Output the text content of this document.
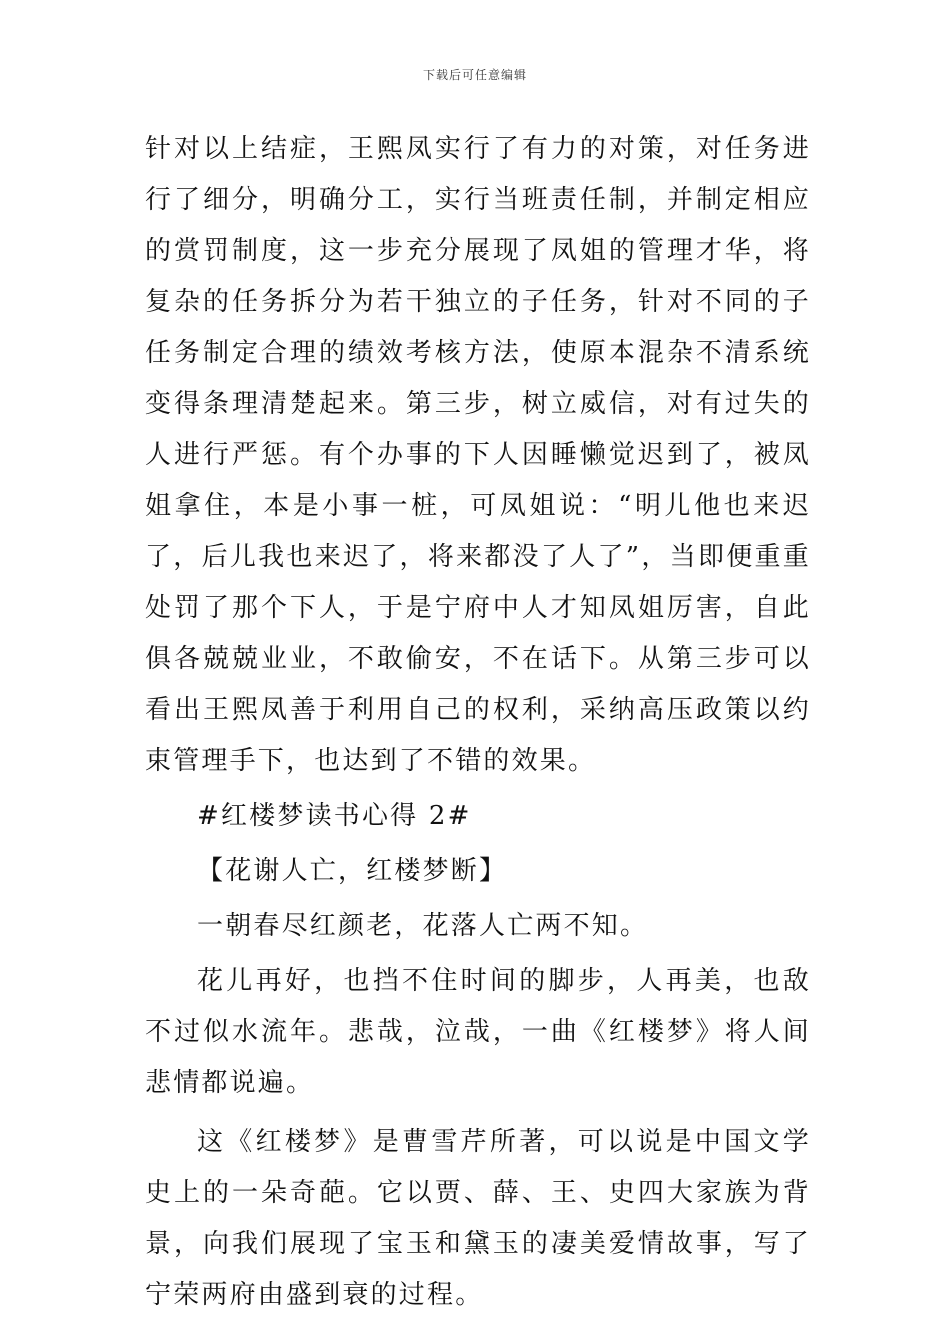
下载后可任意编辑

针对以上结症，王熙凤实行了有力的对策，对任务进行了细分，明确分工，实行当班责任制，并制定相应的赏罚制度，这一步充分展现了凤姐的管理才华，将复杂的任务拆分为若干独立的子任务，针对不同的子任务制定合理的绩效考核方法，使原本混杂不清系统变得条理清楚起来。第三步，树立威信，对有过失的人进行严惩。有个办事的下人因睡懒觉迟到了，被凤姐拿住，本是小事一桩，可凤姐说：“明儿他也来迟了，后儿我也来迟了，将来都没了人了”，当即便重重处罚了那个下人，于是宁府中人才知凤姐厉害，自此俱各兢兢业业，不敢偷安，不在话下。从第三步可以看出王熙凤善于利用自己的权利，采纳高压政策以约束管理手下，也达到了不错的效果。

#红楼梦读书心得 2#

【花谢人亡，红楼梦断】

一朝春尽红颜老，花落人亡两不知。

花儿再好，也挡不住时间的脚步，人再美，也敌不过似水流年。悲哉，泣哉，一曲《红楼梦》将人间悲情都说遍。

这《红楼梦》是曹雪芹所著，可以说是中国文学史上的一朵奇葩。它以贾、薛、王、史四大家族为背景，向我们展现了宝玉和黛玉的凄美爱情故事，写了宁荣两府由盛到衰的过程。
